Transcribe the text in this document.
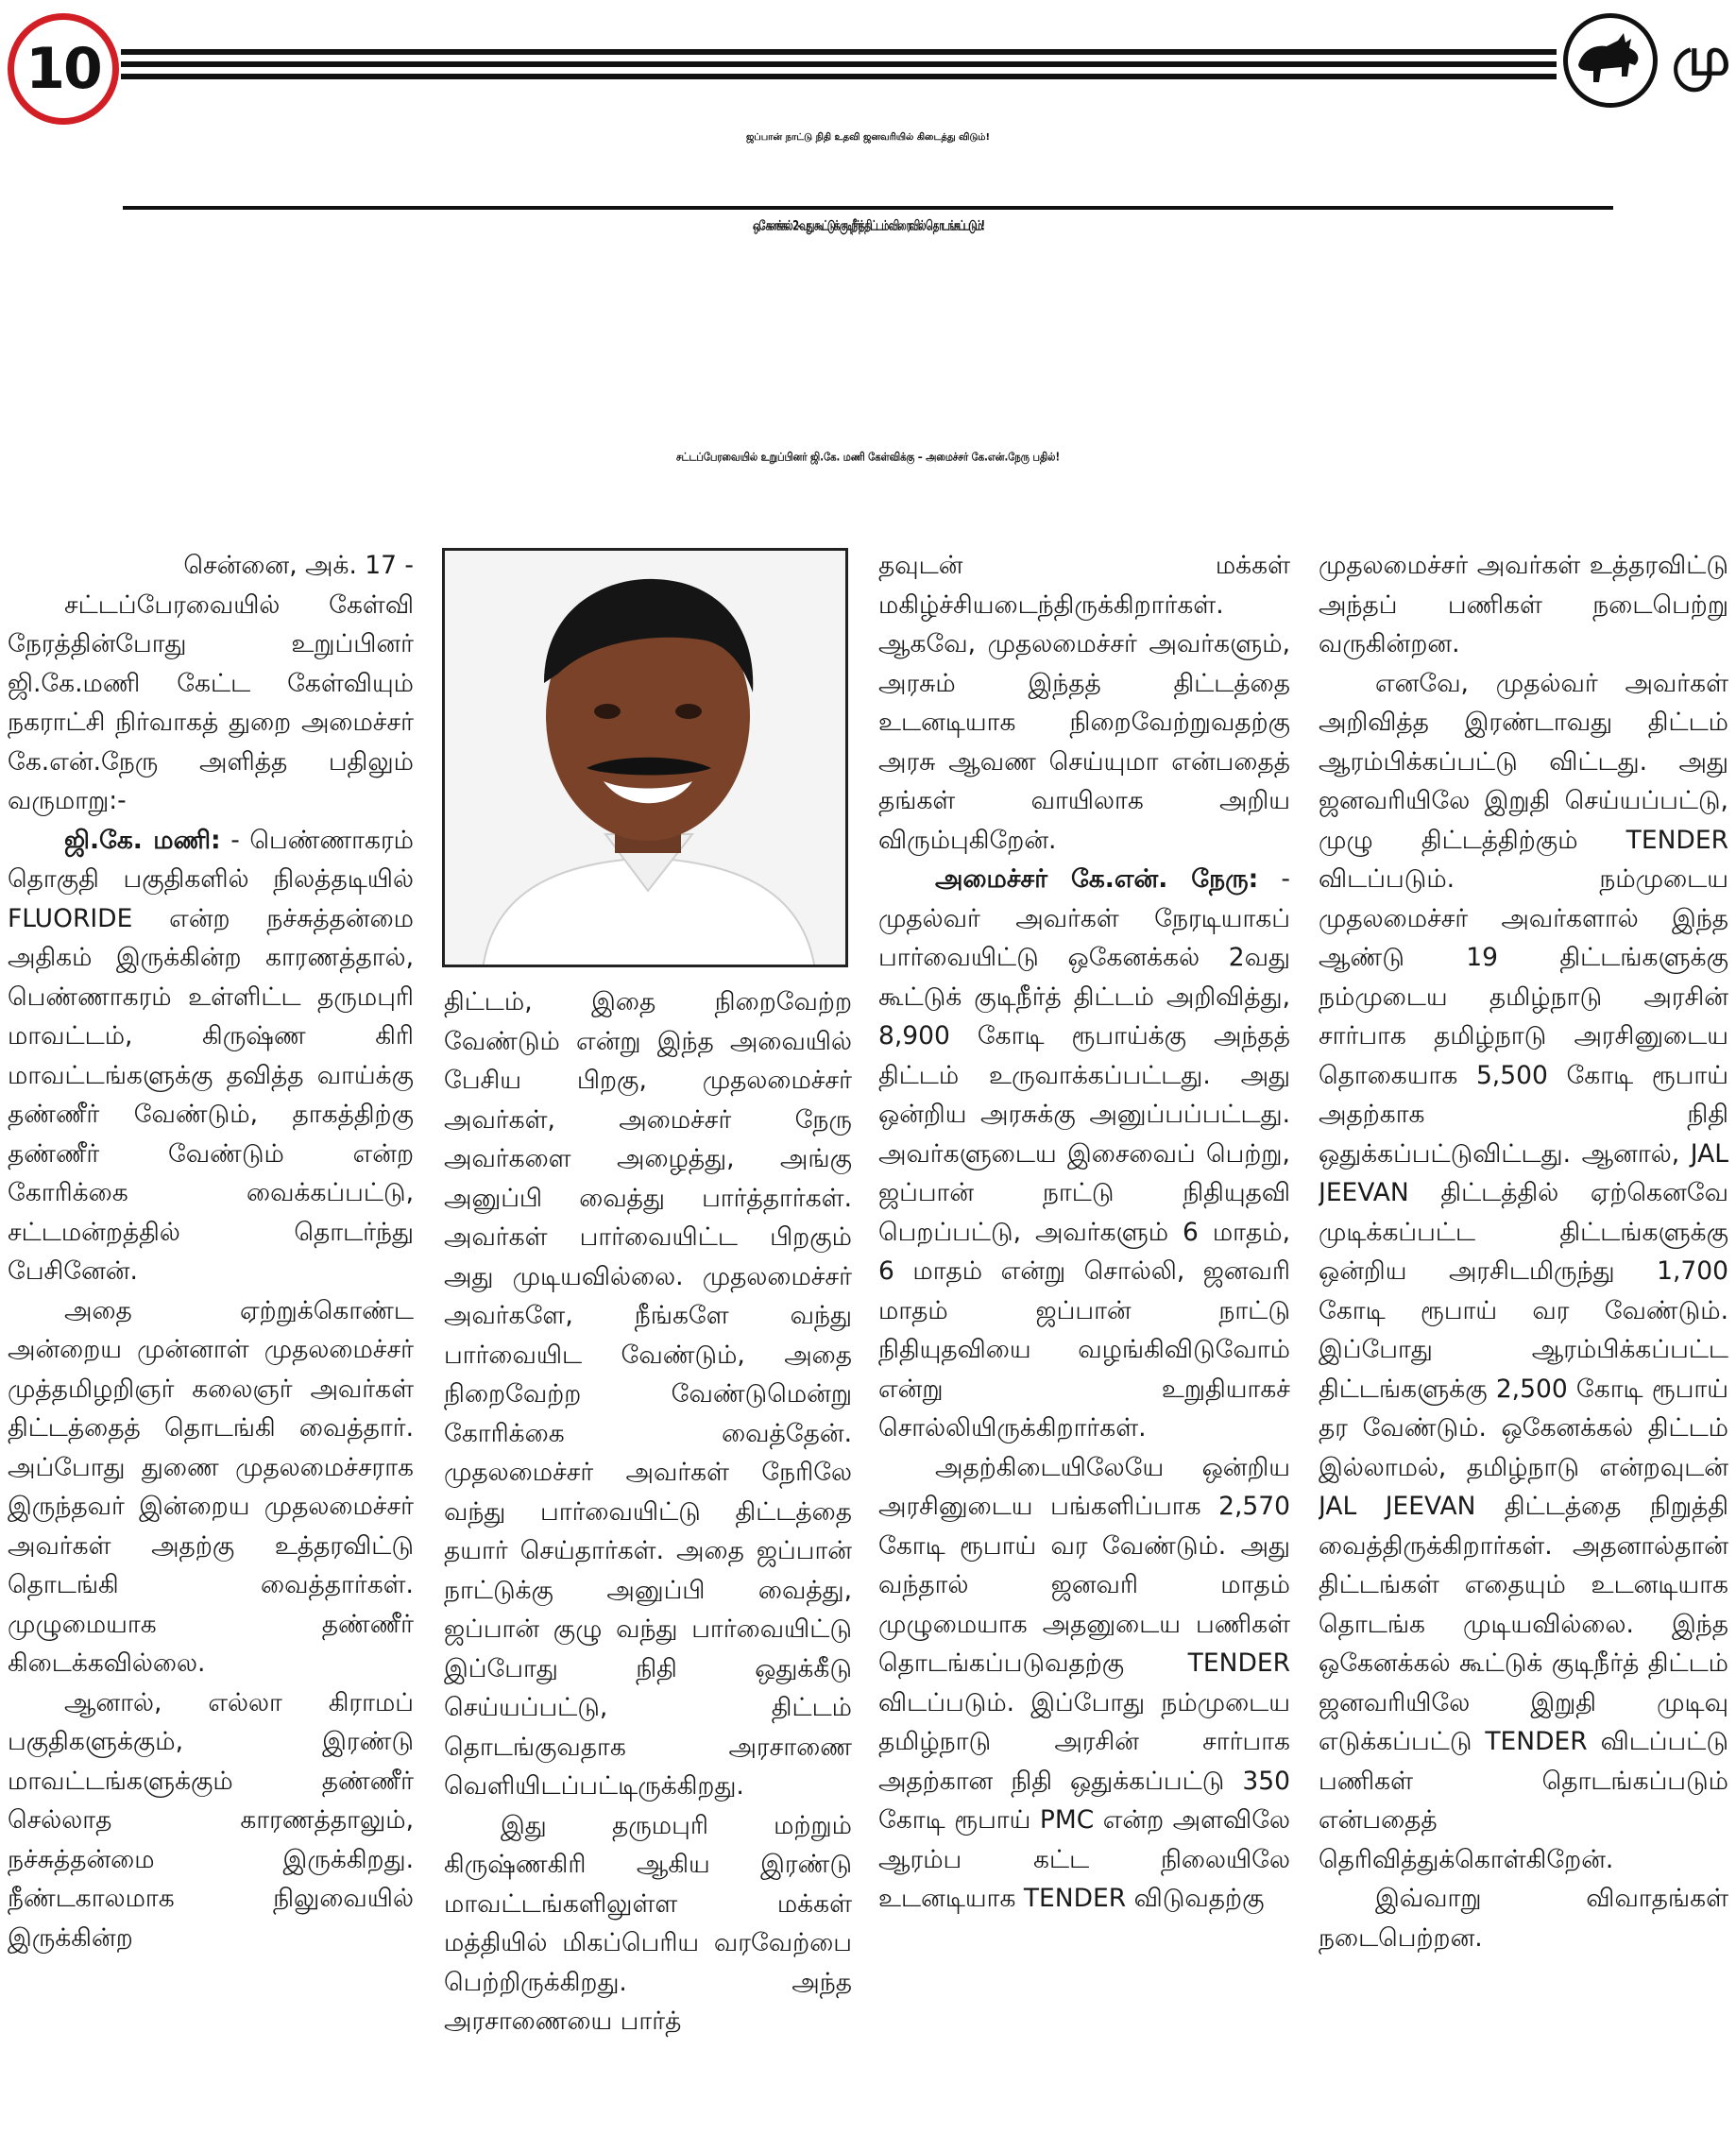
10	மு
ஜப்பான் நாட்டு நிதி உதவி ஜனவரியில் கிடைத்து விடும்!
ஒகேனக்கல் 2-வது கூட்டுக் குடிநீர்த் திட்டம் விரைவில் தொடங்கப்படும்!
சட்டப்பேரவையில் உறுப்பினர் ஜி.கே. மணி கேள்விக்கு – அமைச்சர் கே.என்.நேரு பதில்!

சென்னை, அக். 17 -

சட்டப்பேரவையில் கேள்வி நேரத்தின்போது உறுப்பினர் ஜி.கே.மணி கேட்ட கேள்வியும் நகராட்சி நிர்வாகத் துறை அமைச்சர் கே.என்.நேரு அளித்த பதிலும் வருமாறு:-

ஜி.கே. மணி: - பெண்ணாகரம் தொகுதி பகுதிகளில் நிலத்தடியில் FLUORIDE என்ற நச்சுத்தன்மை அதிகம் இருக்கின்ற காரணத்தால், பெண்ணாகரம் உள்ளிட்ட தருமபுரி மாவட்டம், கிருஷ்ண கிரி மாவட்டங்களுக்கு தவித்த வாய்க்கு தண்ணீர் வேண்டும், தாகத்திற்கு தண்ணீர் வேண்டும் என்ற கோரிக்கை வைக்கப்பட்டு, சட்டமன்றத்தில் தொடர்ந்து பேசினேன்.

அதை ஏற்றுக்கொண்ட அன்றைய முன்னாள் முதலமைச்சர் முத்தமிழறிஞர் கலைஞர் அவர்கள் திட்டத்தைத் தொடங்கி வைத்தார். அப்போது துணை முதலமைச்சராக இருந்தவர் இன்றைய முதலமைச்சர் அவர்கள் அதற்கு உத்தரவிட்டு தொடங்கி வைத்தார்கள். முழுமையாக தண்ணீர் கிடைக்கவில்லை.

ஆனால், எல்லா கிராமப் பகுதிகளுக்கும், இரண்டு மாவட்டங்களுக்கும் தண்ணீர் செல்லாத காரணத்தாலும், நச்சுத்தன்மை இருக்கிறது. நீண்டகாலமாக நிலுவையில் இருக்கின்ற

திட்டம், இதை நிறைவேற்ற வேண்டும் என்று இந்த அவையில் பேசிய பிறகு, முதலமைச்சர் அவர்கள், அமைச்சர் நேரு அவர்களை அழைத்து, அங்கு அனுப்பி வைத்து பார்த்தார்கள். அவர்கள் பார்வையிட்ட பிறகும் அது முடியவில்லை. முதலமைச்சர் அவர்களே, நீங்களே வந்து பார்வையிட வேண்டும், அதை நிறைவேற்ற வேண்டுமென்று கோரிக்கை வைத்தேன். முதலமைச்சர் அவர்கள் நேரிலே வந்து பார்வையிட்டு திட்டத்தை தயார் செய்தார்கள். அதை ஜப்பான் நாட்டுக்கு அனுப்பி வைத்து, ஜப்பான் குழு வந்து பார்வையிட்டு இப்போது நிதி ஒதுக்கீடு செய்யப்பட்டு, திட்டம் தொடங்குவதாக அரசாணை வெளியிடப்பட்டிருக்கிறது.

இது தருமபுரி மற்றும் கிருஷ்ணகிரி ஆகிய இரண்டு மாவட்டங்களிலுள்ள மக்கள் மத்தியில் மிகப்பெரிய வரவேற்பை பெற்றிருக்கிறது. அந்த அரசாணையை பார்த்

தவுடன் மக்கள் மகிழ்ச்சியடைந்திருக்கிறார்கள். ஆகவே, முதலமைச்சர் அவர்களும், அரசும் இந்தத் திட்டத்தை உடனடியாக நிறைவேற்றுவதற்கு அரசு ஆவண செய்யுமா என்பதைத் தங்கள் வாயிலாக அறிய விரும்புகிறேன்.

அமைச்சர் கே.என். நேரு: - முதல்வர் அவர்கள் நேரடியாகப் பார்வையிட்டு ஒகேனக்கல் 2வது கூட்டுக் குடிநீர்த் திட்டம் அறிவித்து, 8,900 கோடி ரூபாய்க்கு அந்தத் திட்டம் உருவாக்கப்பட்டது. அது ஒன்றிய அரசுக்கு அனுப்பப்பட்டது. அவர்களுடைய இசைவைப் பெற்று, ஜப்பான் நாட்டு நிதியுதவி பெறப்பட்டு, அவர்களும் 6 மாதம், 6 மாதம் என்று சொல்லி, ஜனவரி மாதம் ஜப்பான் நாட்டு நிதியுதவியை வழங்கிவிடுவோம் என்று உறுதியாகச் சொல்லியிருக்கிறார்கள்.

அதற்கிடையிலேயே ஒன்றிய அரசினுடைய பங்களிப்பாக 2,570 கோடி ரூபாய் வர வேண்டும். அது வந்தால் ஜனவரி மாதம் முழுமையாக அதனுடைய பணிகள் தொடங்கப்படுவதற்கு TENDER விடப்படும். இப்போது நம்முடைய தமிழ்நாடு அரசின் சார்பாக அதற்கான நிதி ஒதுக்கப்பட்டு 350 கோடி ரூபாய் PMC என்ற அளவிலே ஆரம்ப கட்ட நிலையிலே உடனடியாக TENDER விடுவதற்கு

முதலமைச்சர் அவர்கள் உத்தரவிட்டு அந்தப் பணிகள் நடைபெற்று வருகின்றன.

எனவே, முதல்வர் அவர்கள் அறிவித்த இரண்டாவது திட்டம் ஆரம்பிக்கப்பட்டு விட்டது. அது ஜனவரியிலே இறுதி செய்யப்பட்டு, முழு திட்டத்திற்கும் TENDER விடப்படும். நம்முடைய முதலமைச்சர் அவர்களால் இந்த ஆண்டு 19 திட்டங்களுக்கு நம்முடைய தமிழ்நாடு அரசின் சார்பாக தமிழ்நாடு அரசினுடைய தொகையாக 5,500 கோடி ரூபாய் அதற்காக நிதி ஒதுக்கப்பட்டுவிட்டது. ஆனால், JAL JEEVAN திட்டத்தில் ஏற்கெனவே முடிக்கப்பட்ட திட்டங்களுக்கு ஒன்றிய அரசிடமிருந்து 1,700 கோடி ரூபாய் வர வேண்டும். இப்போது ஆரம்பிக்கப்பட்ட திட்டங்களுக்கு 2,500 கோடி ரூபாய் தர வேண்டும். ஒகேனக்கல் திட்டம் இல்லாமல், தமிழ்நாடு என்றவுடன் JAL JEEVAN திட்டத்தை நிறுத்தி வைத்திருக்கிறார்கள். அதனால்தான் திட்டங்கள் எதையும் உடனடியாக தொடங்க முடியவில்லை. இந்த ஒகேனக்கல் கூட்டுக் குடிநீர்த் திட்டம் ஜனவரியிலே இறுதி முடிவு எடுக்கப்பட்டு TENDER விடப்பட்டு பணிகள் தொடங்கப்படும் என்பதைத் தெரிவித்துக்கொள்கிறேன்.

இவ்வாறு விவாதங்கள் நடைபெற்றன.
